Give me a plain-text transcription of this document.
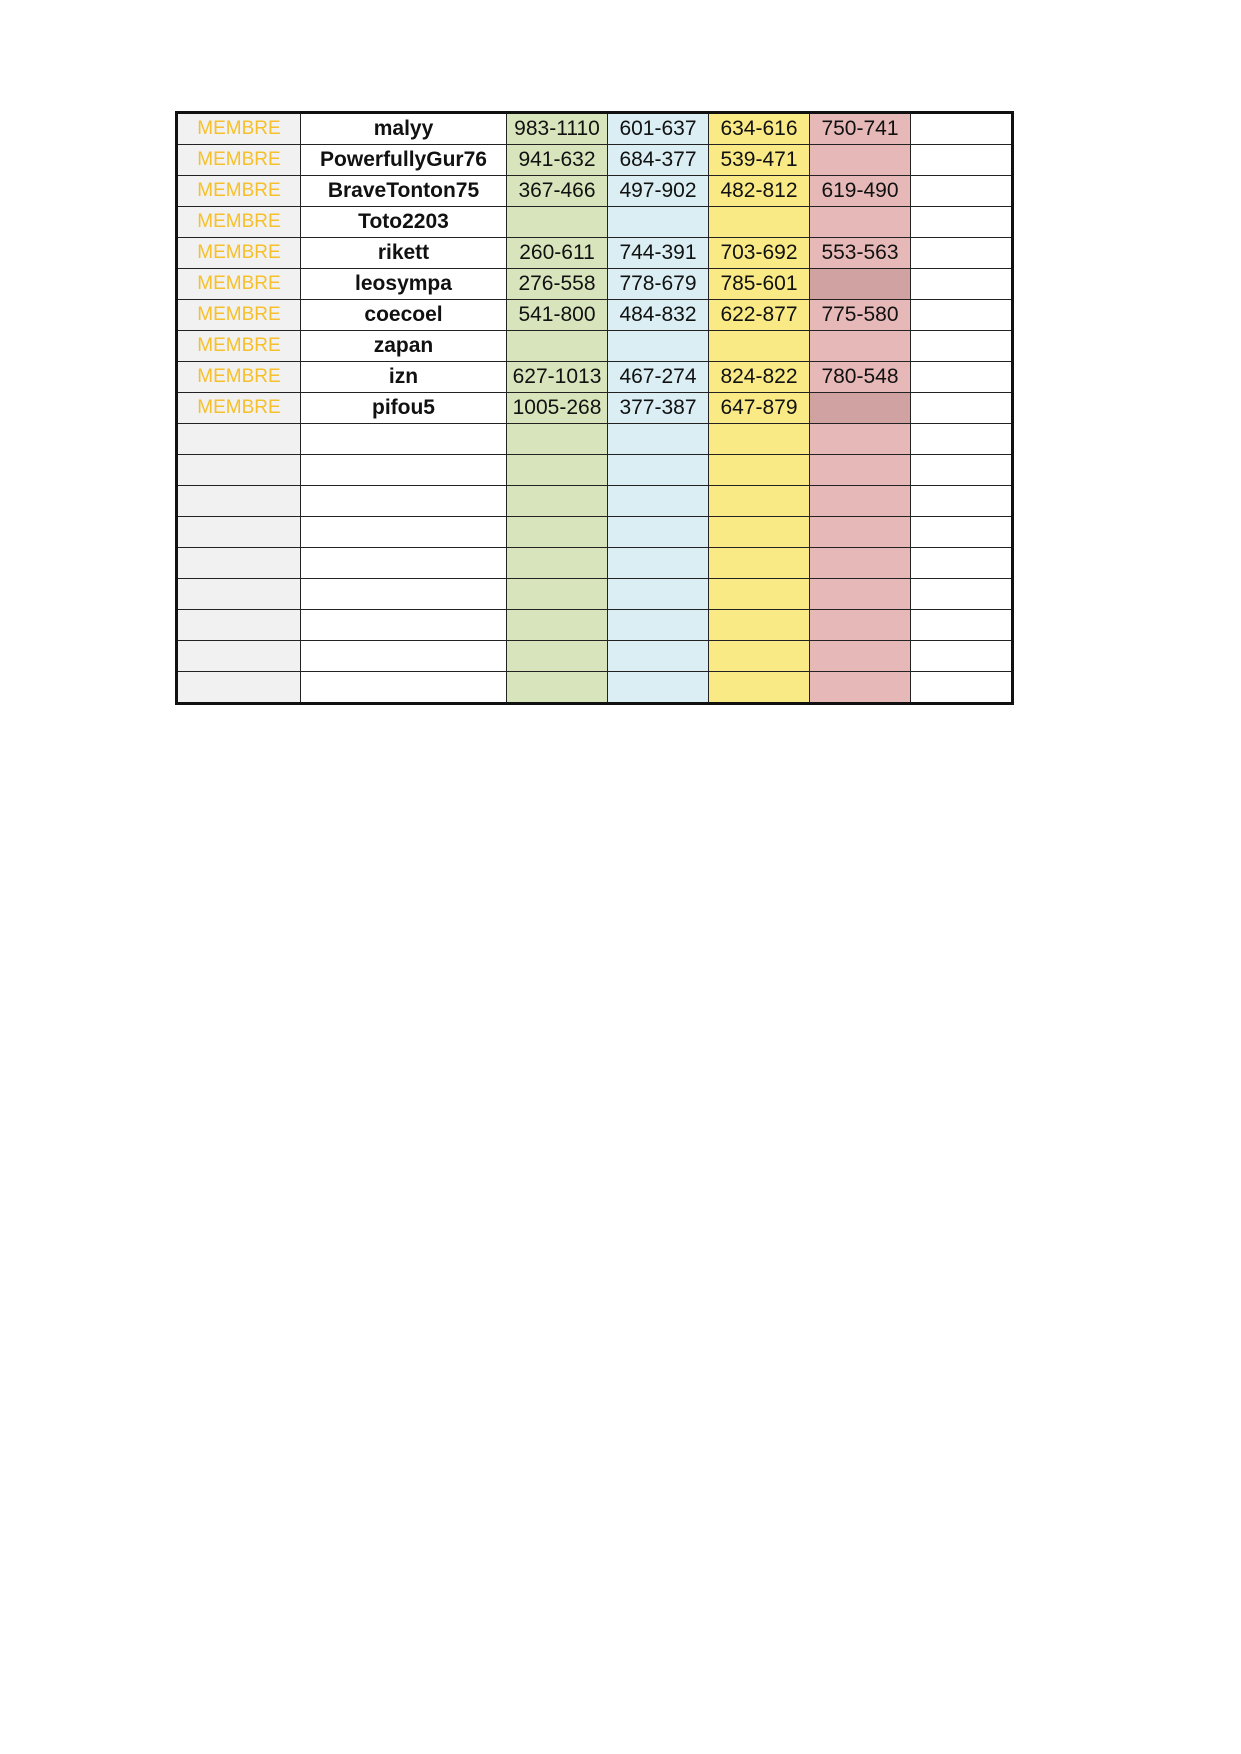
MEMBRE	malyy	983-1110	601-637	634-616	750-741	
MEMBRE	PowerfullyGur76	941-632	684-377	539-471		
MEMBRE	BraveTonton75	367-466	497-902	482-812	619-490	
MEMBRE	Toto2203					
MEMBRE	rikett	260-611	744-391	703-692	553-563	
MEMBRE	leosympa	276-558	778-679	785-601		
MEMBRE	coecoel	541-800	484-832	622-877	775-580	
MEMBRE	zapan					
MEMBRE	izn	627-1013	467-274	824-822	780-548	
MEMBRE	pifou5	1005-268	377-387	647-879		
